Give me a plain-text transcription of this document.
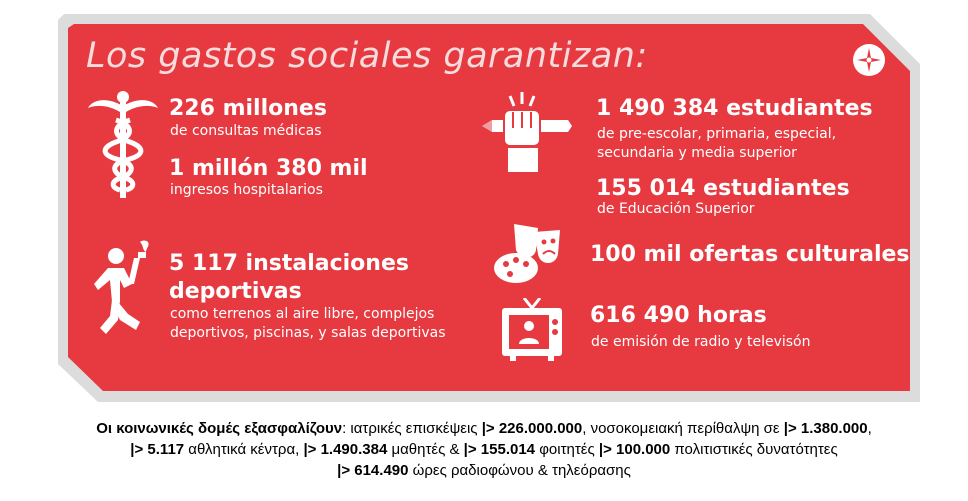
Los gastos sociales garantizan:
226 millones
de consultas médicas
1 millón 380 mil
ingresos hospitalarios
5 117 instalaciones
deportivas
como terrenos al aire libre, complejos
deportivos, piscinas, y salas deportivas
1 490 384 estudiantes
de pre-escolar, primaria, especial,
secundaria y media superior
155 014 estudiantes
de Educación Superior
100 mil ofertas culturales
616 490 horas
de emisión de radio y televisón
Οι κοινωνικές δομές εξασφαλίζουν: ιατρικές επισκέψεις |> 226.000.000, νοσοκομειακή περίθαλψη σε |> 1.380.000,
|> 5.117 αθλητικά κέντρα, |> 1.490.384 μαθητές & |> 155.014 φοιτητές |> 100.000 πολιτιστικές δυνατότητες
|> 614.490 ώρες ραδιοφώνου & τηλεόρασης
